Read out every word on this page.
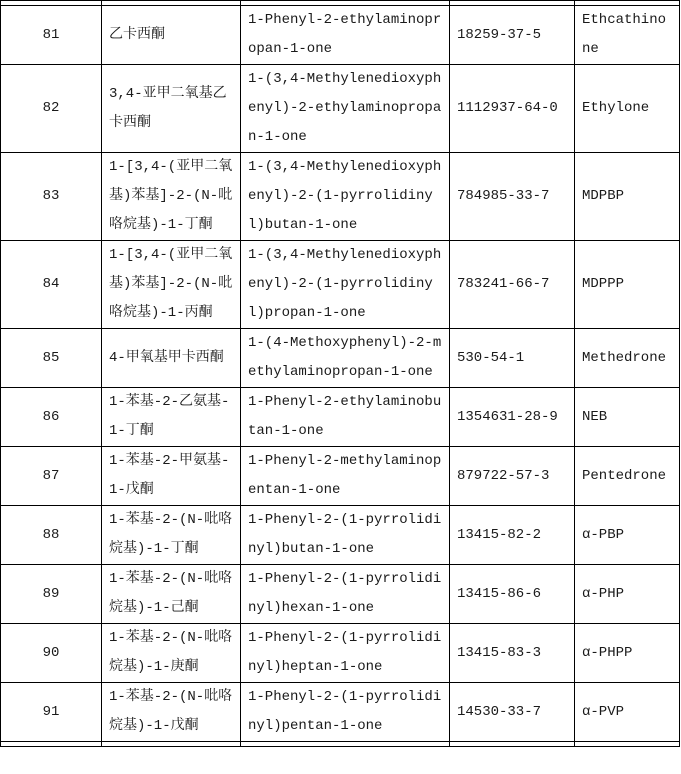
81	乙卡西酮	1-Phenyl-2-ethylaminopropan-1-one	18259-37-5	Ethcathinone
82	3,4-亚甲二氧基乙卡西酮	1-(3,4-Methylenedioxyphenyl)-2-ethylaminopropan-1-one	1112937-64-0	Ethylone
83	1-[3,4-(亚甲二氧基)苯基]-2-(N-吡咯烷基)-1-丁酮	1-(3,4-Methylenedioxyphenyl)-2-(1-pyrrolidinyl)butan-1-one	784985-33-7	MDPBP
84	1-[3,4-(亚甲二氧基)苯基]-2-(N-吡咯烷基)-1-丙酮	1-(3,4-Methylenedioxyphenyl)-2-(1-pyrrolidinyl)propan-1-one	783241-66-7	MDPPP
85	4-甲氧基甲卡西酮	1-(4-Methoxyphenyl)-2-methylaminopropan-1-one	530-54-1	Methedrone
86	1-苯基-2-乙氨基-1-丁酮	1-Phenyl-2-ethylaminobutan-1-one	1354631-28-9	NEB
87	1-苯基-2-甲氨基-1-戊酮	1-Phenyl-2-methylaminopentan-1-one	879722-57-3	Pentedrone
88	1-苯基-2-(N-吡咯烷基)-1-丁酮	1-Phenyl-2-(1-pyrrolidinyl)butan-1-one	13415-82-2	α-PBP
89	1-苯基-2-(N-吡咯烷基)-1-己酮	1-Phenyl-2-(1-pyrrolidinyl)hexan-1-one	13415-86-6	α-PHP
90	1-苯基-2-(N-吡咯烷基)-1-庚酮	1-Phenyl-2-(1-pyrrolidinyl)heptan-1-one	13415-83-3	α-PHPP
91	1-苯基-2-(N-吡咯烷基)-1-戊酮	1-Phenyl-2-(1-pyrrolidinyl)pentan-1-one	14530-33-7	α-PVP
